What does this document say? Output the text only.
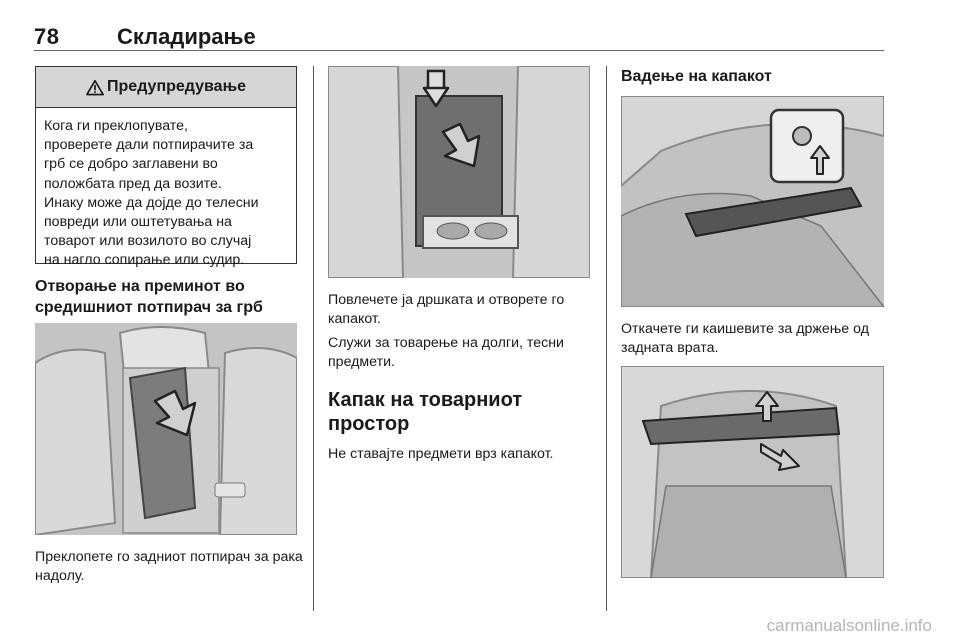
78	Складирање
Предупредување
Кога ги преклопувате,
проверете дали потпирачите за
грб се добро заглавени во
положбата пред да возите.
Инаку може да дојде до телесни
повреди или оштетувања на
товарот или возилото во случај
на нагло сопирање или судир.
Отворање на преминот во средишниот потпирач за грб
Преклопете го задниот потпирач за рака надолу.
Повлечете ја дршката и отворете го капакот.
Служи за товарење на долги, тесни предмети.
Капак на товарниот простор
Не ставајте предмети врз капакот.
Вадење на капакот
Откачете ги каишевите за држење од задната врата.
carmanualsonline.info
